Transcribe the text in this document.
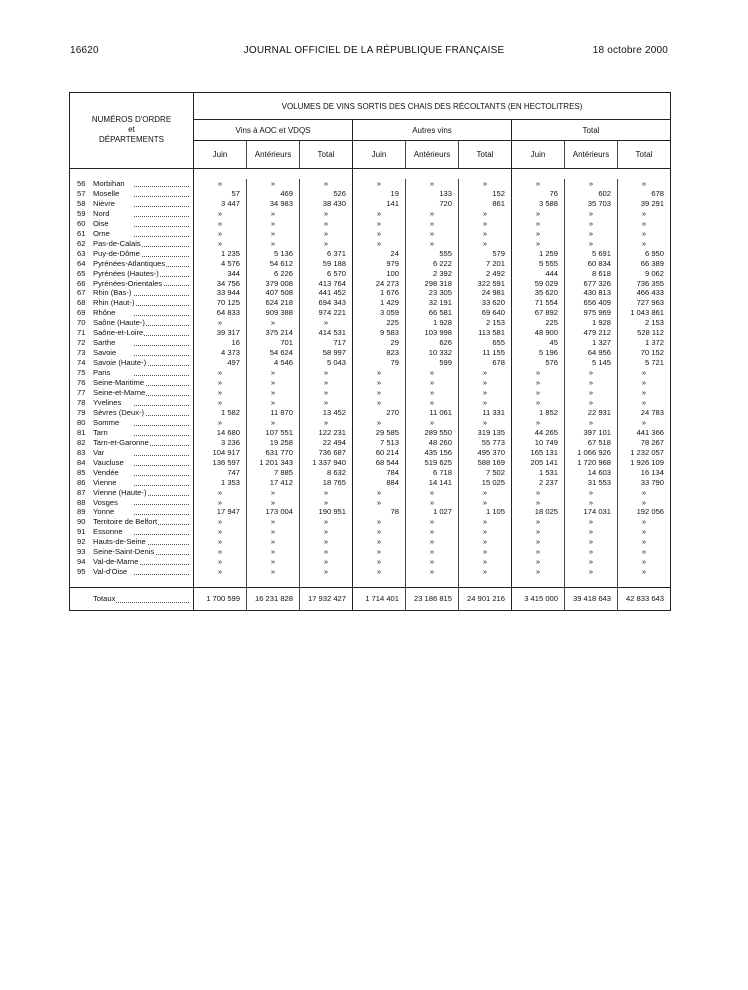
16620	JOURNAL OFFICIEL DE LA RÉPUBLIQUE FRANÇAISE	18 octobre 2000
NUMÉROS D'ORDRE
et
DÉPARTEMENTS	VOLUMES DE VINS SORTIS DES CHAIS DES RÉCOLTANTS (EN HECTOLITRES)								
	Vins à AOC et VDQS			Autres vins			Total		
	Juin	Antérieurs	Total	Juin	Antérieurs	Total	Juin	Antérieurs	Total

56 Morbihan	»	»	»	»	»	»	»	»	»

57 Moselle	57	469	526	19	133	152	76	602	678

58 Nièvre	3 447	34 983	38 430	141	720	861	3 588	35 703	39 291

59 Nord	»	»	»	»	»	»	»	»	»

60 Oise	»	»	»	»	»	»	»	»	»

61 Orne	»	»	»	»	»	»	»	»	»

62 Pas-de-Calais	»	»	»	»	»	»	»	»	»

63 Puy-de-Dôme	1 235	5 136	6 371	24	555	579	1 259	5 691	6 950

64 Pyrénées-Atlantiques	4 576	54 612	59 188	979	6 222	7 201	5 555	60 834	66 389

65 Pyrénées (Hautes-)	344	6 226	6 570	100	2 392	2 492	444	8 618	9 062

66 Pyrénées-Orientales	34 756	379 008	413 764	24 273	298 318	322 591	59 029	677 326	736 355

67 Rhin (Bas-)	33 944	407 508	441 452	1 676	23 305	24 981	35 620	430 813	466 433

68 Rhin (Haut-)	70 125	624 218	694 343	1 429	32 191	33 620	71 554	656 409	727 963

69 Rhône	64 833	909 388	974 221	3 059	66 581	69 640	67 892	975 969	1 043 861

70 Saône (Haute-)	»	»	»	225	1 928	2 153	225	1 928	2 153

71 Saône-et-Loire	39 317	375 214	414 531	9 583	103 998	113 581	48 900	479 212	528 112

72 Sarthe	16	701	717	29	626	655	45	1 327	1 372

73 Savoie	4 373	54 624	58 997	823	10 332	11 155	5 196	64 956	70 152

74 Savoie (Haute-)	497	4 546	5 043	79	599	678	576	5 145	5 721

75 Paris	»	»	»	»	»	»	»	»	»

76 Seine-Maritime	»	»	»	»	»	»	»	»	»

77 Seine-et-Marne	»	»	»	»	»	»	»	»	»

78 Yvelines	»	»	»	»	»	»	»	»	»

79 Sèvres (Deux-)	1 582	11 870	13 452	270	11 061	11 331	1 852	22 931	24 783

80 Somme	»	»	»	»	»	»	»	»	»

81 Tarn	14 680	107 551	122 231	29 585	289 550	319 135	44 265	397 101	441 366

82 Tarn-et-Garonne	3 236	19 258	22 494	7 513	48 260	55 773	10 749	67 518	78 267

83 Var	104 917	631 770	736 687	60 214	435 156	495 370	165 131	1 066 926	1 232 057

84 Vaucluse	136 597	1 201 343	1 337 940	68 544	519 625	588 169	205 141	1 720 968	1 926 109

85 Vendée	747	7 885	8 632	784	6 718	7 502	1 531	14 603	16 134

86 Vienne	1 353	17 412	18 765	884	14 141	15 025	2 237	31 553	33 790

87 Vienne (Haute-)	»	»	»	»	»	»	»	»	»

88 Vosges	»	»	»	»	»	»	»	»	»

89 Yonne	17 947	173 004	190 951	78	1 027	1 105	18 025	174 031	192 056

90 Territoire de Belfort	»	»	»	»	»	»	»	»	»

91 Essonne	»	»	»	»	»	»	»	»	»

92 Hauts-de-Seine	»	»	»	»	»	»	»	»	»

93 Seine-Saint-Denis	»	»	»	»	»	»	»	»	»

94 Val-de-Marne	»	»	»	»	»	»	»	»	»

95 Val-d'Oise	»	»	»	»	»	»	»	»	»

Totaux	1 700 599	16 231 828	17 932 427	1 714 401	23 186 815	24 901 216	3 415 000	39 418 643	42 833 643
